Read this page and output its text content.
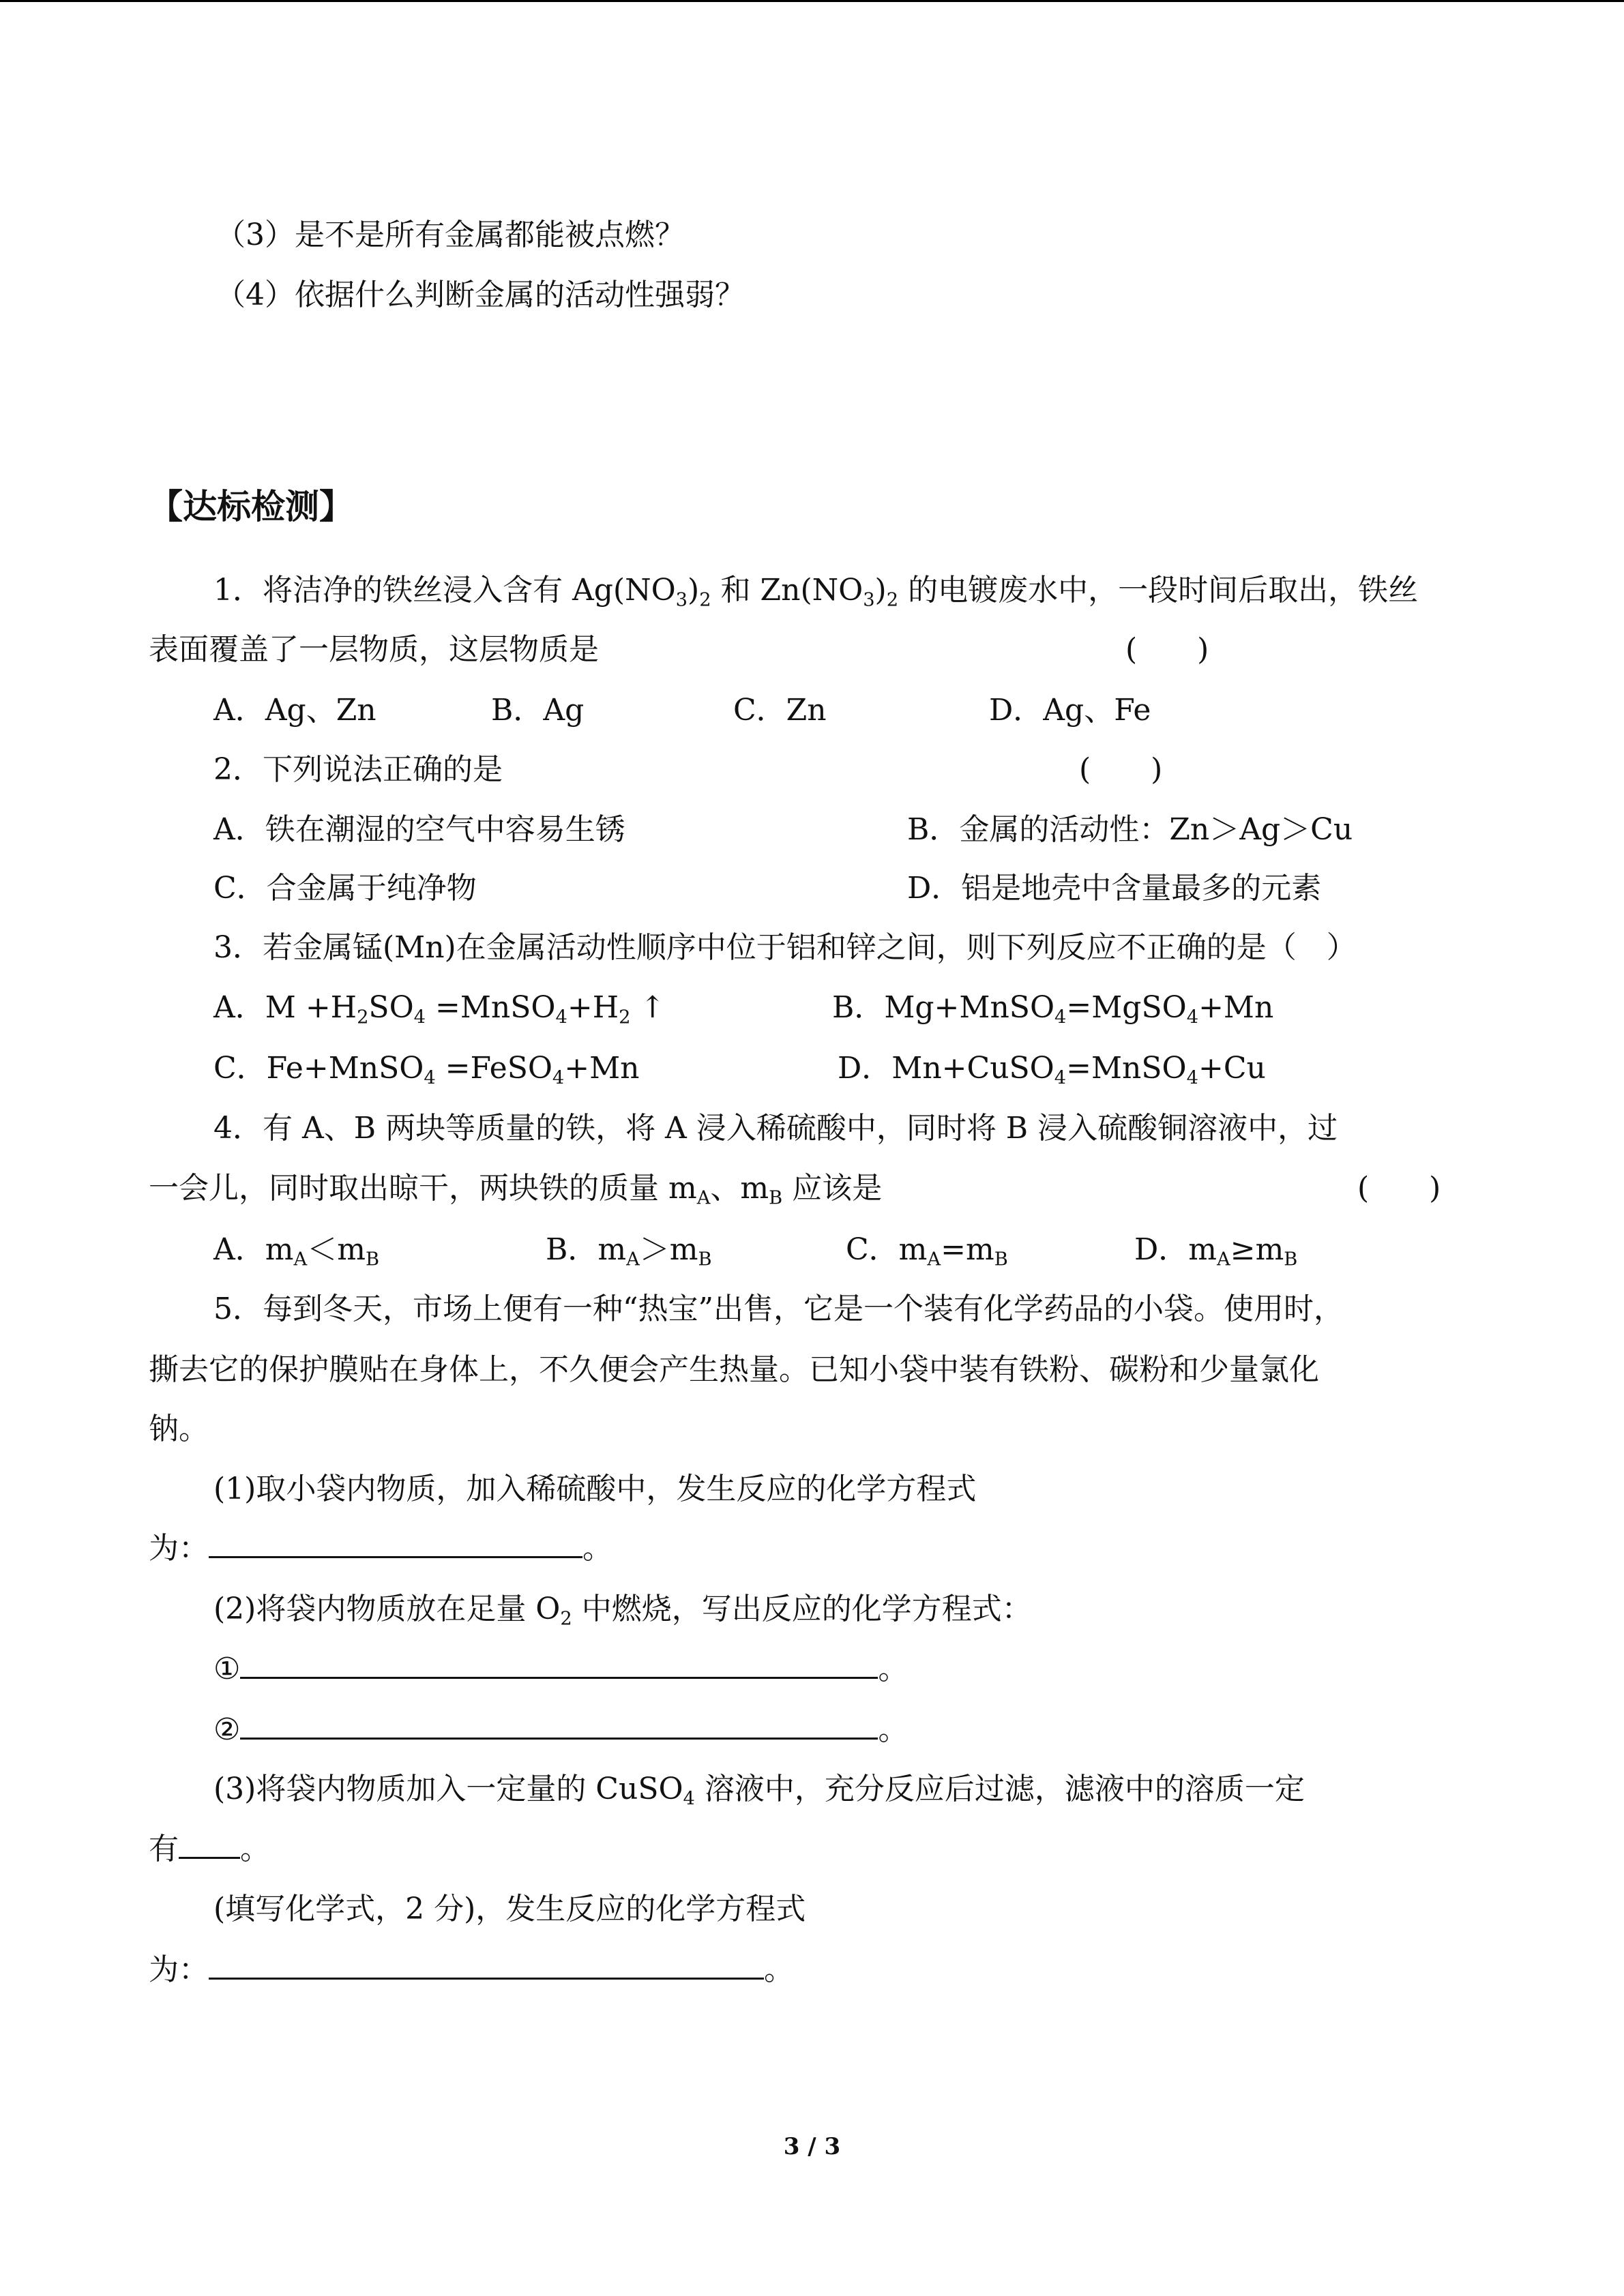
（3）是不是所有金属都能被点燃？
（4）依据什么判断金属的活动性强弱？
【达标检测】
1．将洁净的铁丝浸入含有 $Ag(NO_3)_2$ 和 $Zn(NO_3)_2$ 的电镀废水中，一段时间后取出，铁丝
表面覆盖了一层物质，这层物质是	(　　)
A．Ag、Zn	B．Ag	C．Zn	D．Ag、Fe
2．下列说法正确的是	(　　)
A．铁在潮湿的空气中容易生锈	B．金属的活动性：Zn＞Ag＞Cu
C．合金属于纯净物	D．铝是地壳中含量最多的元素
3．若金属锰(Mn)在金属活动性顺序中位于铝和锌之间，则下列反应不正确的是（　）
A．$M +H_2SO_4$ $=MnSO_4+H_2$ ↑	B．Mg+MnSO$_4$=MgSO$_4$+Mn
C．Fe+MnSO$_4$ =FeSO$_4$+Mn	D．Mn+CuSO$_4$=MnSO$_4$+Cu
4．有 A、B 两块等质量的铁，将 A 浸入稀硫酸中，同时将 B 浸入硫酸铜溶液中，过
一会儿，同时取出晾干，两块铁的质量 $m_A$、$m_B$ 应该是	(　　)
A．$m_A<m_B$	B．$m_A>m_B$	C．$m_A=m_B$	D．$m_A\ge m_B$
5．每到冬天，市场上便有一种“热宝”出售，它是一个装有化学药品的小袋。使用时，
撕去它的保护膜贴在身体上，不久便会产生热量。已知小袋中装有铁粉、碳粉和少量氯化
钠。
(1)取小袋内物质，加入稀硫酸中，发生反应的化学方程式
为：	。
(2)将袋内物质放在足量 $O_2$ 中燃烧，写出反应的化学方程式：
①	。
②	。
(3)将袋内物质加入一定量的 CuSO$_4$ 溶液中，充分反应后过滤，滤液中的溶质一定
有 。
(填写化学式，2 分)，发生反应的化学方程式
为：	。
3 / 3
